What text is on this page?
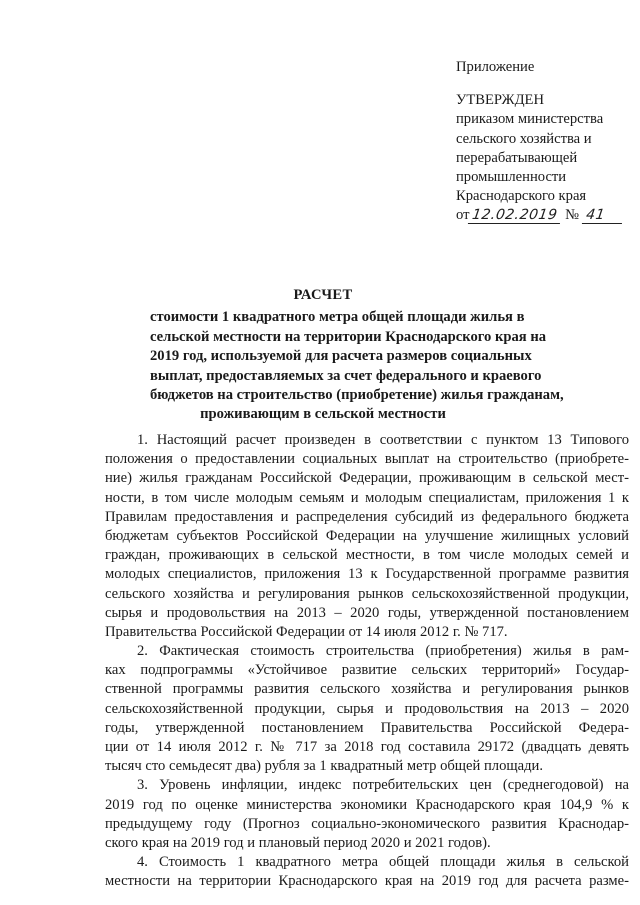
Приложение
УТВЕРЖДЕН
приказом министерства
сельского хозяйства и
перерабатывающей
промышленности
Краснодарского края
от 12.02.2019 № 41
РАСЧЕТ
стоимости 1 квадратного метра общей площади жилья в
сельской местности на территории Краснодарского края на
2019 год, используемой для расчета размеров социальных
выплат, предоставляемых за счет федерального и краевого
бюджетов на строительство (приобретение) жилья гражданам,
проживающим в сельской местности
1. Настоящий расчет произведен в соответствии с пунктом 13 Типового
положения о предоставлении социальных выплат на строительство (приобрете-
ние) жилья гражданам Российской Федерации, проживающим в сельской мест-
ности, в том числе молодым семьям и молодым специалистам, приложения 1 к
Правилам предоставления и распределения субсидий из федерального бюджета
бюджетам субъектов Российской Федерации на улучшение жилищных условий
граждан, проживающих в сельской местности, в том числе молодых семей и
молодых специалистов, приложения 13 к Государственной программе развития
сельского хозяйства и регулирования рынков сельскохозяйственной продукции,
сырья и продовольствия на 2013 – 2020 годы, утвержденной постановлением
Правительства Российской Федерации от 14 июля 2012 г. № 717.
2. Фактическая стоимость строительства (приобретения) жилья в рам-
ках подпрограммы «Устойчивое развитие сельских территорий» Государ-
ственной программы развития сельского хозяйства и регулирования рынков
сельскохозяйственной продукции, сырья и продовольствия на 2013 – 2020
годы, утвержденной постановлением Правительства Российской Федера-
ции от 14 июля 2012 г. № 717 за 2018 год составила 29172 (двадцать девять
тысяч сто семьдесят два) рубля за 1 квадратный метр общей площади.
3. Уровень инфляции, индекс потребительских цен (среднегодовой) на
2019 год по оценке министерства экономики Краснодарского края 104,9 % к
предыдущему году (Прогноз социально-экономического развития Краснодар-
ского края на 2019 год и плановый период 2020 и 2021 годов).
4. Стоимость 1 квадратного метра общей площади жилья в сельской
местности на территории Краснодарского края на 2019 год для расчета разме-
